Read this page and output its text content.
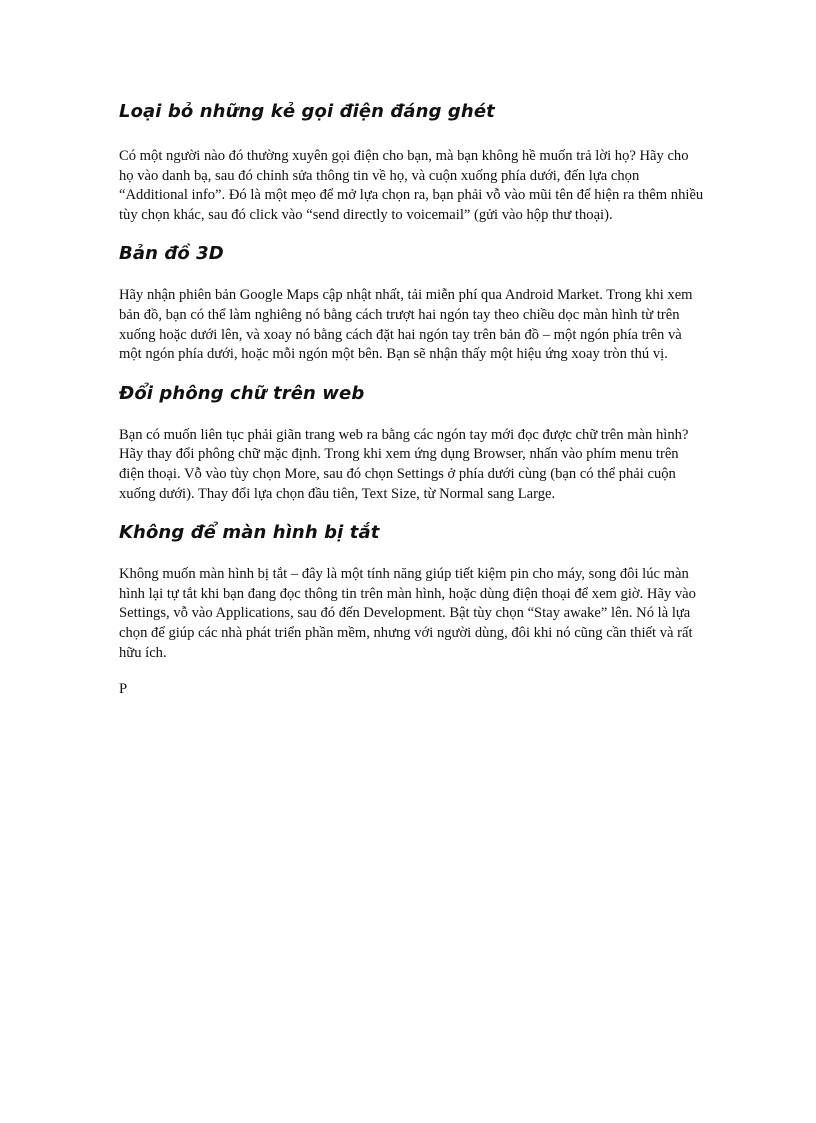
Loại bỏ những kẻ gọi điện đáng ghét

Có một người nào đó thường xuyên gọi điện cho bạn, mà bạn không hề muốn trả lời họ? Hãy cho họ vào danh bạ, sau đó chỉnh sửa thông tin về họ, và cuộn xuống phía dưới, đến lựa chọn “Additional info”. Đó là một mẹo để mở lựa chọn ra, bạn phải vỗ vào mũi tên để hiện ra thêm nhiều tùy chọn khác, sau đó click vào “send directly to voicemail” (gửi vào hộp thư thoại).

Bản đồ 3D

Hãy nhận phiên bản Google Maps cập nhật nhất, tải miễn phí qua Android Market. Trong khi xem bản đồ, bạn có thể làm nghiêng nó bằng cách trượt hai ngón tay theo chiều dọc màn hình từ trên xuống hoặc dưới lên, và xoay nó bằng cách đặt hai ngón tay trên bản đồ – một ngón phía trên và một ngón phía dưới, hoặc mỗi ngón một bên. Bạn sẽ nhận thấy một hiệu ứng xoay tròn thú vị.

Đổi phông chữ trên web

Bạn có muốn liên tục phải giãn trang web ra bằng các ngón tay mới đọc được chữ trên màn hình? Hãy thay đổi phông chữ mặc định. Trong khi xem ứng dụng Browser, nhấn vào phím menu trên điện thoại. Vỗ vào tùy chọn More, sau đó chọn Settings ở phía dưới cùng (bạn có thể phải cuộn xuống dưới). Thay đổi lựa chọn đầu tiên, Text Size, từ Normal sang Large.

Không để màn hình bị tắt

Không muốn màn hình bị tắt – đây là một tính năng giúp tiết kiệm pin cho máy, song đôi lúc màn hình lại tự tắt khi bạn đang đọc thông tin trên màn hình, hoặc dùng điện thoại để xem giờ. Hãy vào Settings, vỗ vào Applications, sau đó đến Development. Bật tùy chọn “Stay awake” lên. Nó là lựa chọn để giúp các nhà phát triển phần mềm, nhưng với người dùng, đôi khi nó cũng cần thiết và rất hữu ích.

P
